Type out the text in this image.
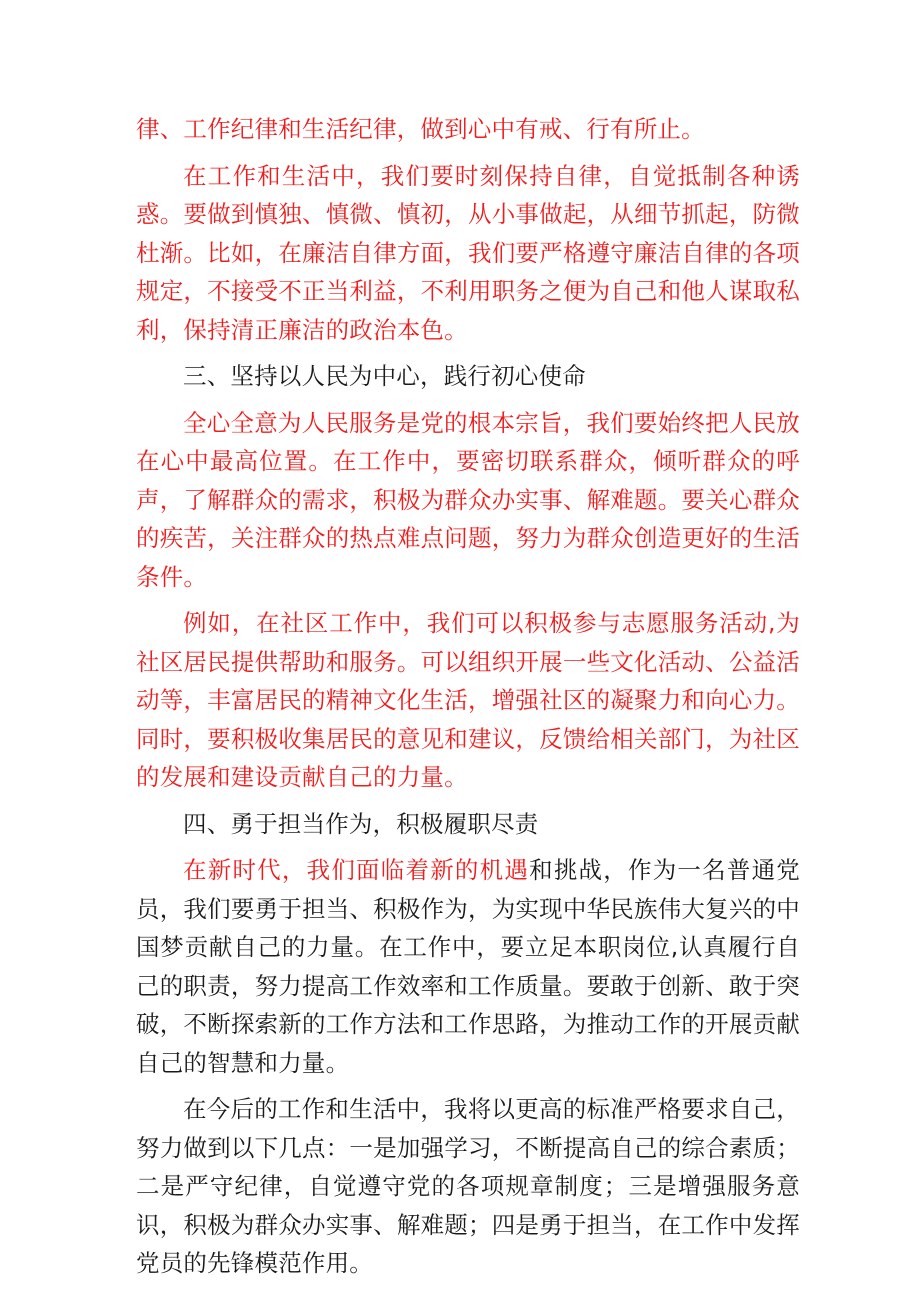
律、工作纪律和生活纪律，做到心中有戒、行有所止。

在工作和生活中，我们要时刻保持自律，自觉抵制各种诱惑。要做到慎独、慎微、慎初，从小事做起，从细节抓起，防微杜渐。比如，在廉洁自律方面，我们要严格遵守廉洁自律的各项规定，不接受不正当利益，不利用职务之便为自己和他人谋取私利，保持清正廉洁的政治本色。

三、坚持以人民为中心，践行初心使命

全心全意为人民服务是党的根本宗旨，我们要始终把人民放在心中最高位置。在工作中，要密切联系群众，倾听群众的呼声，了解群众的需求，积极为群众办实事、解难题。要关心群众的疾苦，关注群众的热点难点问题，努力为群众创造更好的生活条件。

例如，在社区工作中，我们可以积极参与志愿服务活动,为社区居民提供帮助和服务。可以组织开展一些文化活动、公益活动等，丰富居民的精神文化生活，增强社区的凝聚力和向心力。同时，要积极收集居民的意见和建议，反馈给相关部门，为社区的发展和建设贡献自己的力量。

四、勇于担当作为，积极履职尽责

在新时代，我们面临着新的机遇和挑战，作为一名普通党员，我们要勇于担当、积极作为，为实现中华民族伟大复兴的中国梦贡献自己的力量。在工作中，要立足本职岗位,认真履行自己的职责，努力提高工作效率和工作质量。要敢于创新、敢于突破，不断探索新的工作方法和工作思路，为推动工作的开展贡献自己的智慧和力量。

在今后的工作和生活中，我将以更高的标准严格要求自己，努力做到以下几点：一是加强学习，不断提高自己的综合素质；二是严守纪律，自觉遵守党的各项规章制度；三是增强服务意识，积极为群众办实事、解难题；四是勇于担当，在工作中发挥党员的先锋模范作用。
